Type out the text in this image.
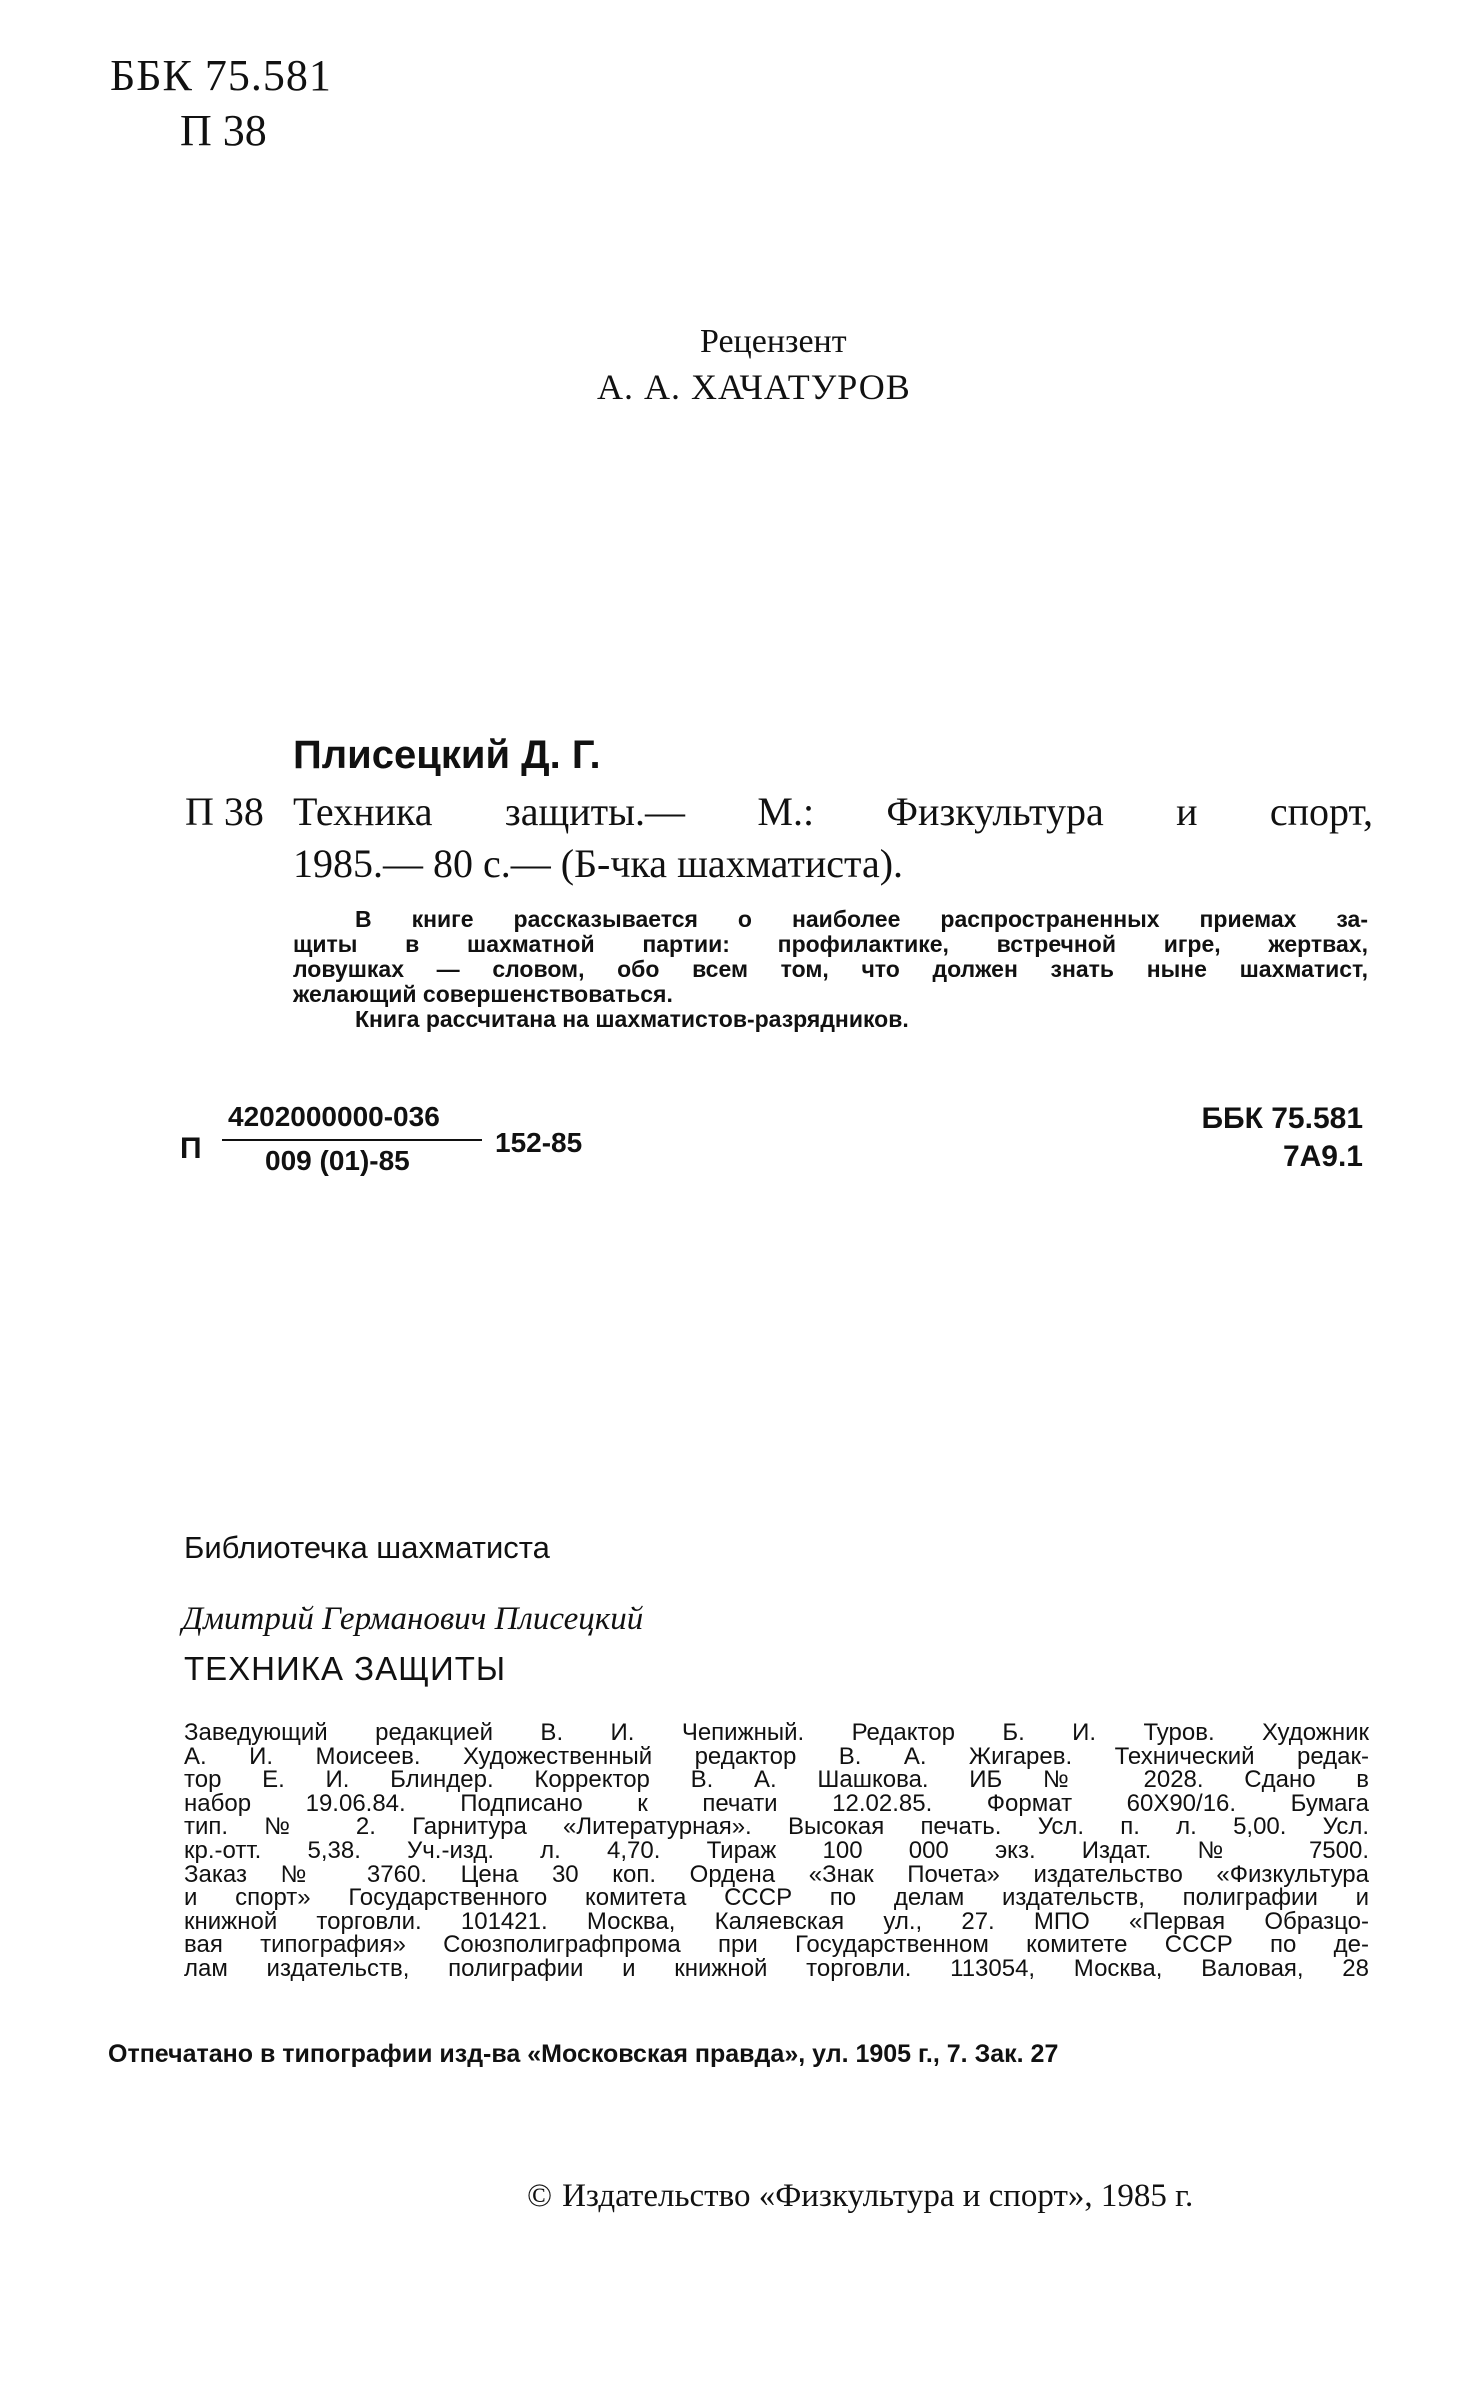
ББК 75.581
П 38
Рецензент
А. А. ХАЧАТУРОВ
Плисецкий Д. Г.
П 38 Техника защиты.— М.: Физкультура и спорт,
1985.— 80 с.— (Б-чка шахматиста).
В книге рассказывается о наиболее распространенных приемах за-
щиты в шахматной партии: профилактике, встречной игре, жертвах,
ловушках — словом, обо всем том, что должен знать ныне шахматист,
желающий совершенствоваться.
Книга рассчитана на шахматистов-разрядников.
П
4202000000-036
009 (01)-85
152-85
ББК 75.581
7А9.1
Библиотечка шахматиста
Дмитрий Германович Плисецкий
ТЕХНИКА ЗАЩИТЫ
Заведующий редакцией В. И. Чепижный. Редактор Б. И. Туров. Художник
А. И. Моисеев. Художественный редактор В. А. Жигарев. Технический редак-
тор Е. И. Блиндер. Корректор В. А. Шашкова. ИБ № 2028. Сдано в
набор 19.06.84. Подписано к печати 12.02.85. Формат 60Х90/16. Бумага
тип. № 2. Гарнитура «Литературная». Высокая печать. Усл. п. л. 5,00. Усл.
кр.-отт. 5,38. Уч.-изд. л. 4,70. Тираж 100 000 экз. Издат. № 7500.
Заказ № 3760. Цена 30 коп. Ордена «Знак Почета» издательство «Физкультура
и спорт» Государственного комитета СССР по делам издательств, полиграфии и
книжной торговли. 101421. Москва, Каляевская ул., 27. МПО «Первая Образцо-
вая типография» Союзполиграфпрома при Государственном комитете СССР по де-
лам издательств, полиграфии и книжной торговли. 113054, Москва, Валовая, 28
Отпечатано в типографии изд-ва «Московская правда», ул. 1905 г., 7. Зак. 27
© Издательство «Физкультура и спорт», 1985 г.
